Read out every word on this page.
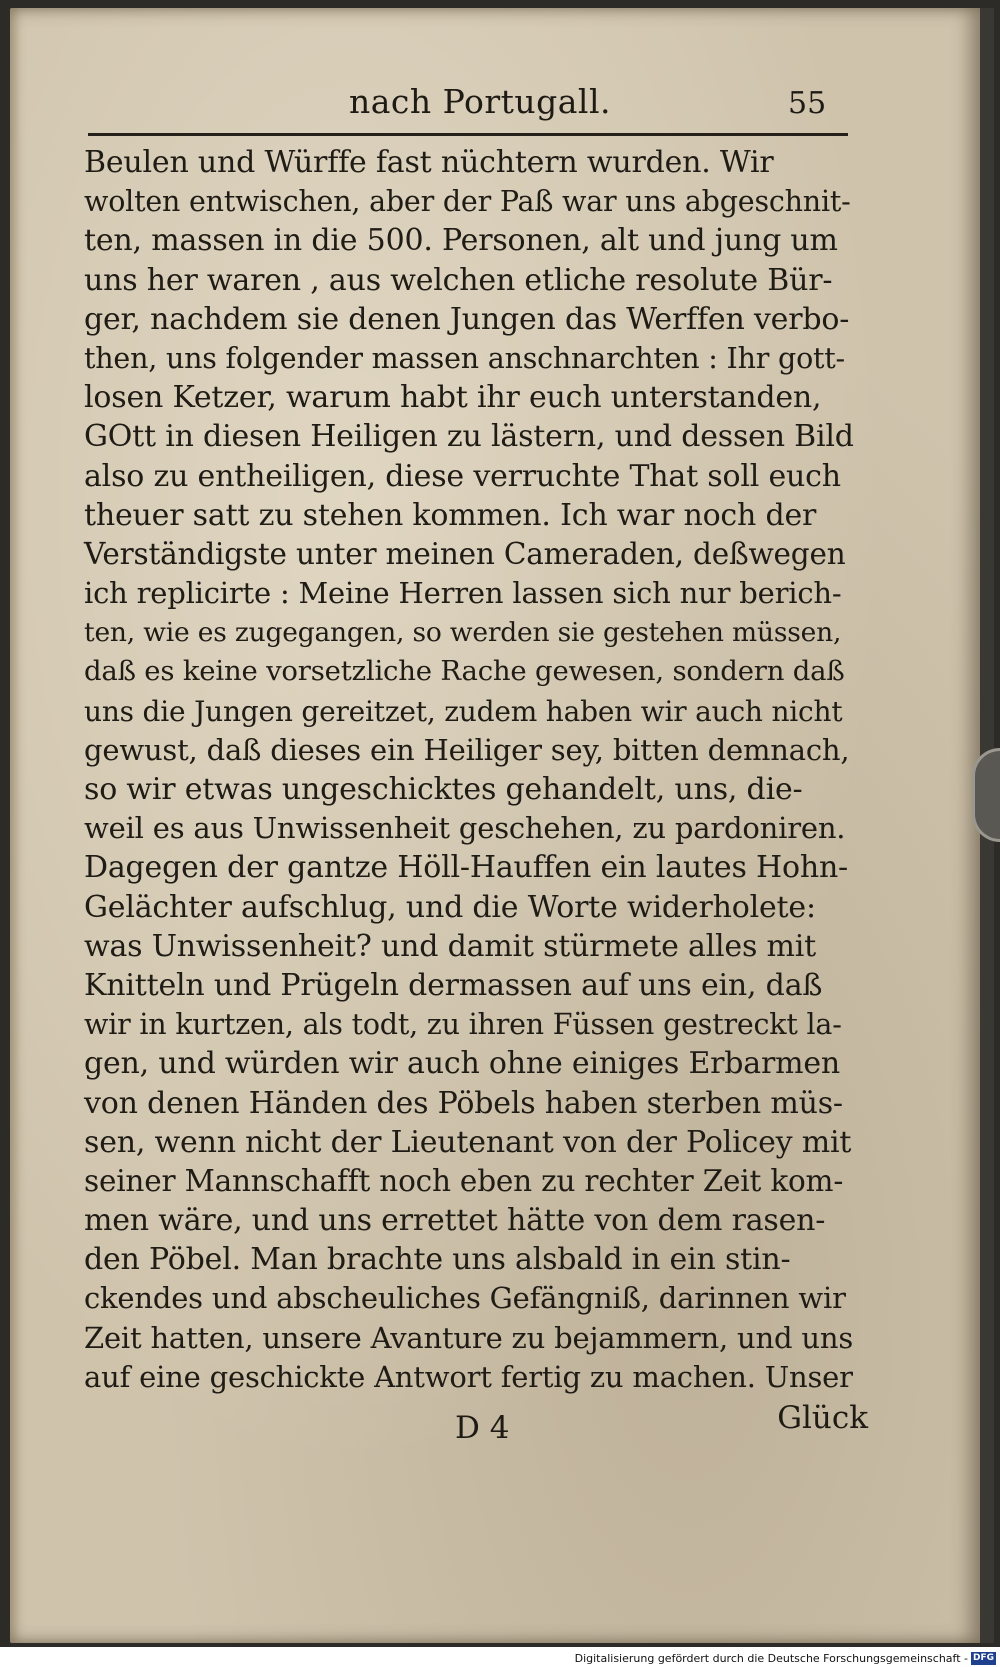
nach Portugall.	55
Beulen und Würffe fast nüchtern wurden. Wir
wolten entwischen, aber der Paß war uns abgeschnit-
ten, massen in die 500. Personen, alt und jung um
uns her waren , aus welchen etliche resolute Bür-
ger, nachdem sie denen Jungen das Werffen verbo-
then, uns folgender massen anschnarchten : Ihr gott-
losen Ketzer, warum habt ihr euch unterstanden,
GOtt in diesen Heiligen zu lästern, und dessen Bild
also zu entheiligen, diese verruchte That soll euch
theuer satt zu stehen kommen. Ich war noch der
Verständigste unter meinen Cameraden, deßwegen
ich replicirte : Meine Herren lassen sich nur berich-
ten, wie es zugegangen, so werden sie gestehen müssen,
daß es keine vorsetzliche Rache gewesen, sondern daß
uns die Jungen gereitzet, zudem haben wir auch nicht
gewust, daß dieses ein Heiliger sey, bitten demnach,
so wir etwas ungeschicktes gehandelt, uns, die-
weil es aus Unwissenheit geschehen, zu pardoniren.
Dagegen der gantze Höll-Hauffen ein lautes Hohn-
Gelächter aufschlug, und die Worte widerholete:
was Unwissenheit? und damit stürmete alles mit
Knitteln und Prügeln dermassen auf uns ein, daß
wir in kurtzen, als todt, zu ihren Füssen gestreckt la-
gen, und würden wir auch ohne einiges Erbarmen
von denen Händen des Pöbels haben sterben müs-
sen, wenn nicht der Lieutenant von der Policey mit
seiner Mannschafft noch eben zu rechter Zeit kom-
men wäre, und uns errettet hätte von dem rasen-
den Pöbel. Man brachte uns alsbald in ein stin-
ckendes und abscheuliches Gefängniß, darinnen wir
Zeit hatten, unsere Avanture zu bejammern, und uns
auf eine geschickte Antwort fertig zu machen. Unser
D 4	Glück
Digitalisierung gefördert durch die Deutsche Forschungsgemeinschaft - DFG
